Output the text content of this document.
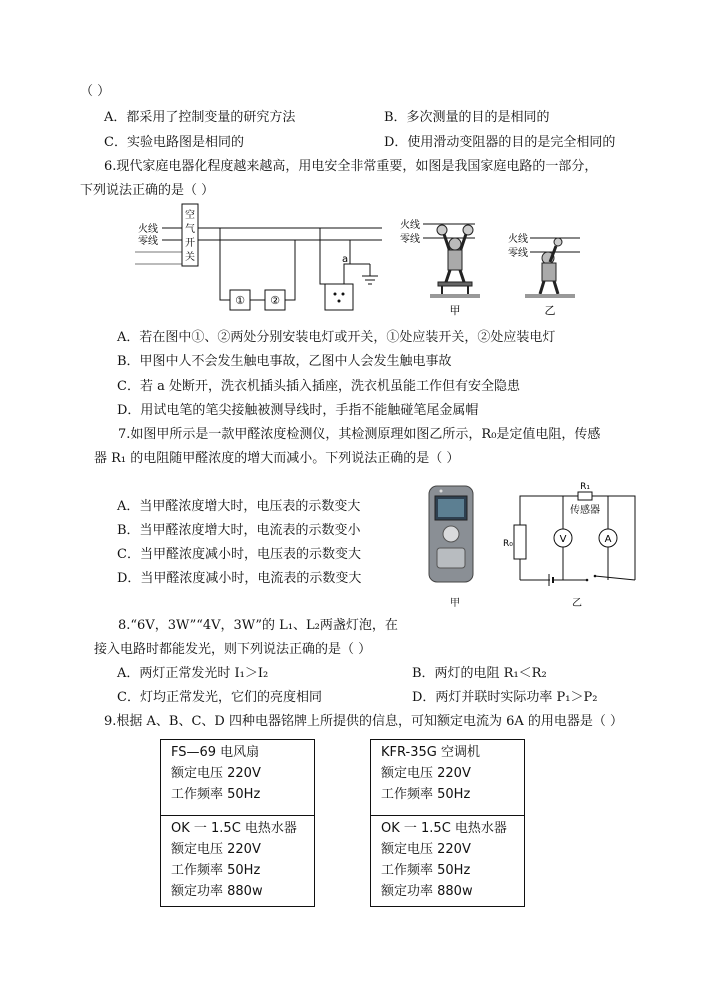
（ ）
A．都采用了控制变量的研究方法	B．多次测量的目的是相同的
C．实验电路图是相同的	D．使用滑动变阻器的目的是完全相同的
6.现代家庭电器化程度越来越高，用电安全非常重要，如图是我国家庭电路的一部分，
下列说法正确的是（ ）
火线
零线
空
气
开
关
① ②
a
火线
零线
甲
火线
零线
乙
A．若在图中①、②两处分别安装电灯或开关，①处应装开关，②处应装电灯
B．甲图中人不会发生触电事故，乙图中人会发生触电事故
C．若 a 处断开，洗衣机插头插入插座，洗衣机虽能工作但有安全隐患
D．用试电笔的笔尖接触被测导线时，手指不能触碰笔尾金属帽
7.如图甲所示是一款甲醛浓度检测仪，其检测原理如图乙所示，R₀是定值电阻，传感
器 R₁ 的电阻随甲醛浓度的增大而减小。下列说法正确的是（ ）
A．当甲醛浓度增大时，电压表的示数变大
B．当甲醛浓度增大时，电流表的示数变小
C．当甲醛浓度减小时，电压表的示数变大
D．当甲醛浓度减小时，电流表的示数变大
甲
V	A
R₁
传感器
R₀
乙
8.“6V，3W”“4V，3W”的 L₁、L₂两盏灯泡，在
接入电路时都能发光，则下列说法正确的是（ ）
A．两灯正常发光时 I₁＞I₂	B．两灯的电阻 R₁＜R₂
C．灯均正常发光，它们的亮度相同	D．两灯并联时实际功率 P₁＞P₂
9.根据 A、B、C、D 四种电器铭牌上所提供的信息，可知额定电流为 6A 的用电器是（ ）
FS—69 电风扇
额定电压 220V
工作频率 50Hz
KFR-35G 空调机
额定电压 220V
工作频率 50Hz
OK 一 1.5C 电热水器
额定电压 220V
工作频率 50Hz
额定功率 880w
OK 一 1.5C 电热水器
额定电压 220V
工作频率 50Hz
额定功率 880w
